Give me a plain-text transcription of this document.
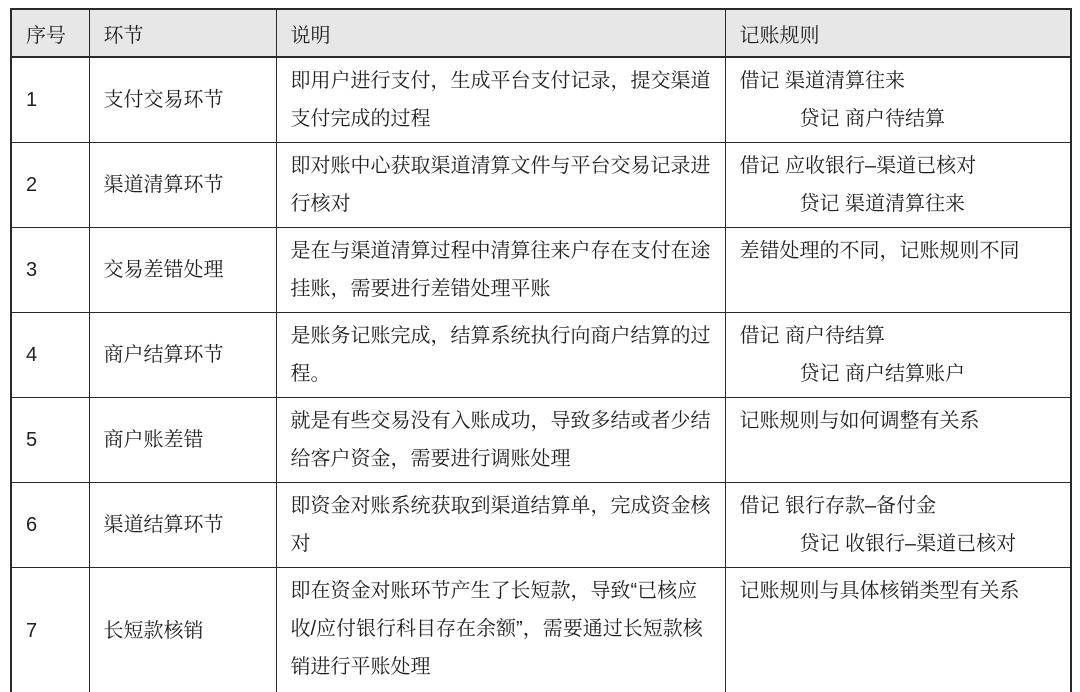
序号	环节	说明	记账规则
1	支付交易环节	即用户进行支付，生成平台支付记录，提交渠道支付完成的过程	借记 渠道清算往来
贷记 商户待结算

2	渠道清算环节	即对账中心获取渠道清算文件与平台交易记录进行核对	借记 应收银行–渠道已核对
贷记 渠道清算往来

3	交易差错处理	是在与渠道清算过程中清算往来户存在支付在途挂账，需要进行差错处理平账	差错处理的不同，记账规则不同

4	商户结算环节	是账务记账完成，结算系统执行向商户结算的过程。	借记 商户待结算
贷记 商户结算账户

5	商户账差错	就是有些交易没有入账成功，导致多结或者少结给客户资金，需要进行调账处理	记账规则与如何调整有关系

6	渠道结算环节	即资金对账系统获取到渠道结算单，完成资金核对	借记 银行存款–备付金
贷记 收银行–渠道已核对

7	长短款核销	即在资金对账环节产生了长短款，导致“已核应收/应付银行科目存在余额”，需要通过长短款核销进行平账处理	记账规则与具体核销类型有关系
